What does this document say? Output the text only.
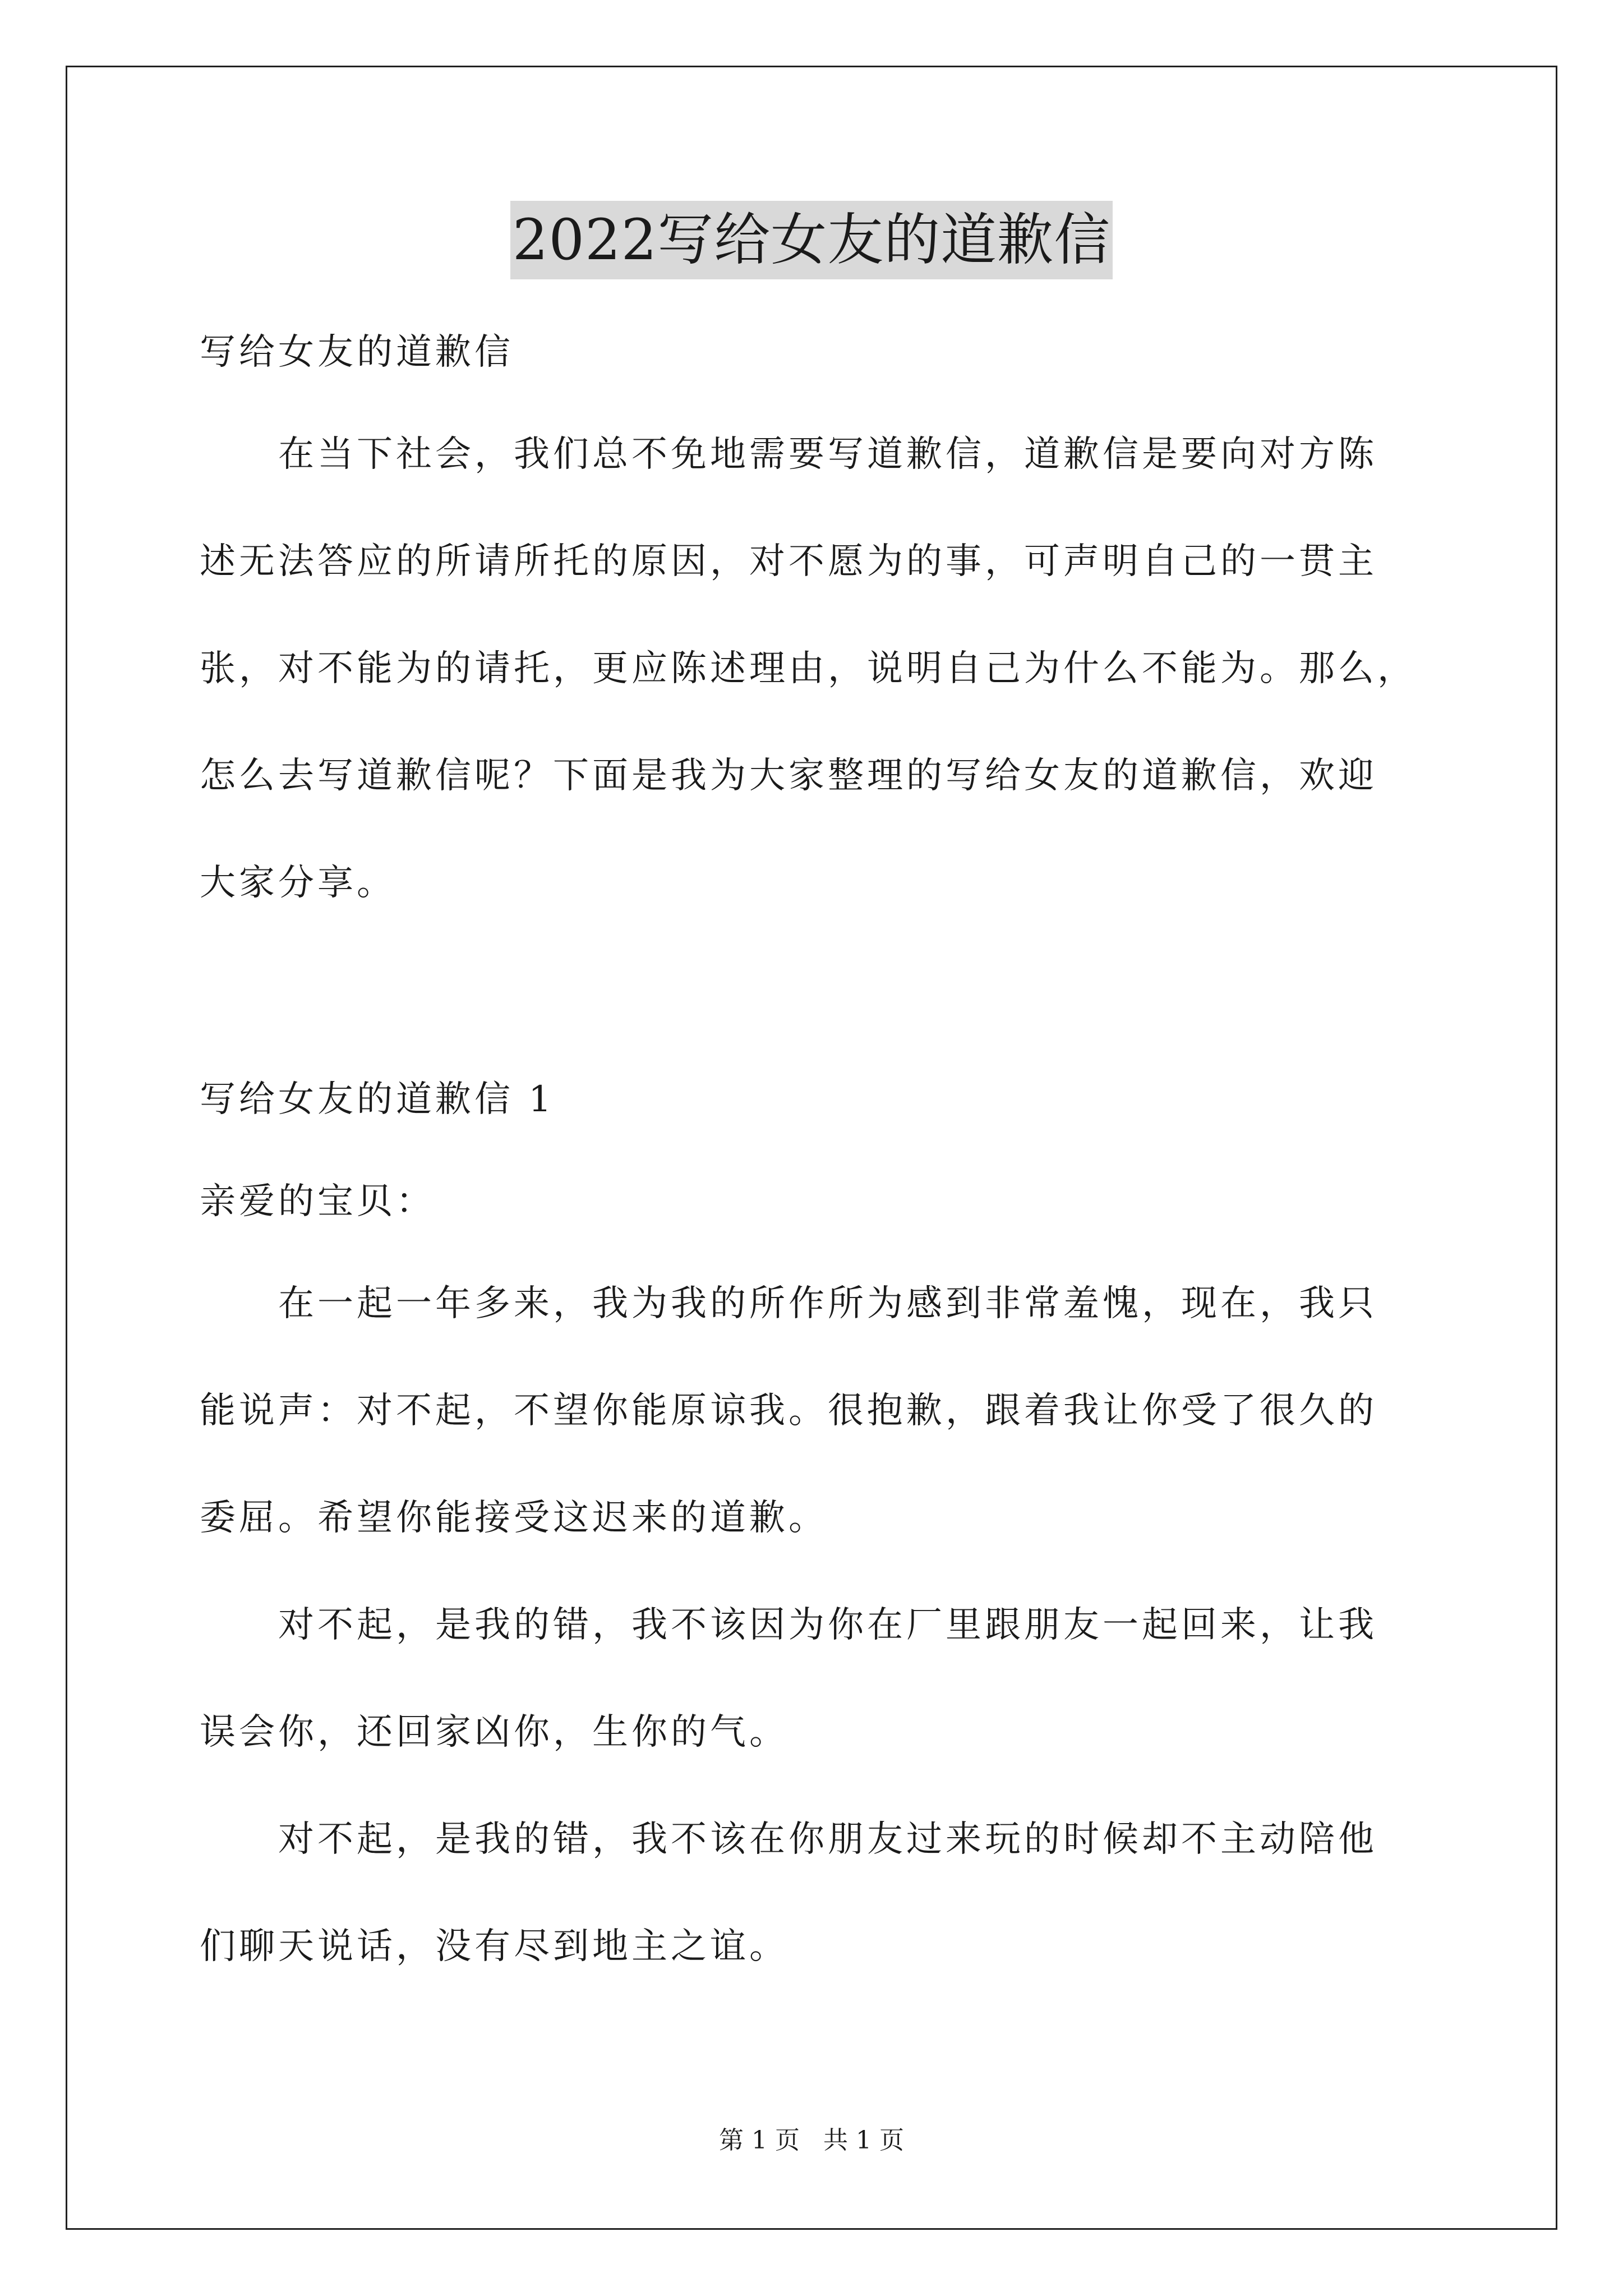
2022写给女友的道歉信

写给女友的道歉信

　　在当下社会，我们总不免地需要写道歉信，道歉信是要向对方陈

述无法答应的所请所托的原因，对不愿为的事，可声明自己的一贯主

张，对不能为的请托，更应陈述理由，说明自己为什么不能为。那么，

怎么去写道歉信呢？下面是我为大家整理的写给女友的道歉信，欢迎

大家分享。

写给女友的道歉信 1

亲爱的宝贝：

　　在一起一年多来，我为我的所作所为感到非常羞愧，现在，我只

能说声：对不起，不望你能原谅我。很抱歉，跟着我让你受了很久的

委屈。希望你能接受这迟来的道歉。

　　对不起，是我的错，我不该因为你在厂里跟朋友一起回来，让我

误会你，还回家凶你，生你的气。

　　对不起，是我的错，我不该在你朋友过来玩的时候却不主动陪他

们聊天说话，没有尽到地主之谊。

第 1 页 共 1 页
